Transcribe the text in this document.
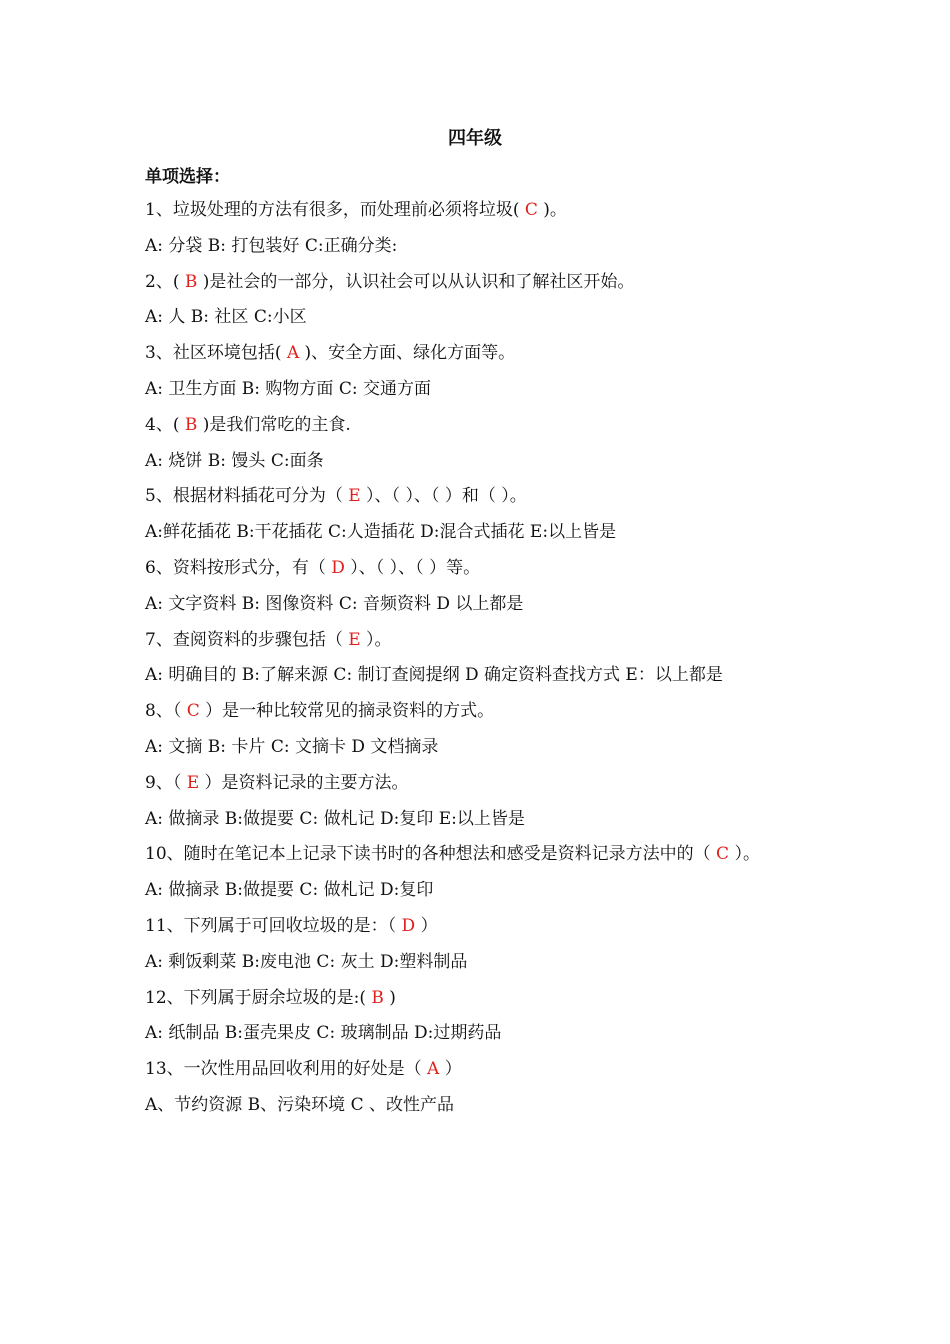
四年级
单项选择：
1、垃圾处理的方法有很多，而处理前必须将垃圾( C )。
A: 分袋 B: 打包装好 C:正确分类:
2、( B )是社会的一部分，认识社会可以从认识和了解社区开始。
A: 人 B: 社区 C:小区
3、社区环境包括( A )、安全方面、绿化方面等。
A: 卫生方面 B: 购物方面 C: 交通方面
4、( B )是我们常吃的主食.
A: 烧饼 B: 馒头 C:面条
5、根据材料插花可分为（ E ）、（ ）、（ ）和（ ）。
A:鲜花插花 B:干花插花 C:人造插花 D:混合式插花 E:以上皆是
6、资料按形式分，有（ D ）、（ ）、（ ）等。
A: 文字资料 B: 图像资料 C: 音频资料 D 以上都是
7、查阅资料的步骤包括（ E ）。
A: 明确目的 B:了解来源 C: 制订查阅提纲 D 确定资料查找方式 E：以上都是
8、（ C ）是一种比较常见的摘录资料的方式。
A: 文摘 B: 卡片 C: 文摘卡 D 文档摘录
9、（ E ）是资料记录的主要方法。
A: 做摘录 B:做提要 C: 做札记 D:复印 E:以上皆是
10、随时在笔记本上记录下读书时的各种想法和感受是资料记录方法中的（ C ）。
A: 做摘录 B:做提要 C: 做札记 D:复印
11、下列属于可回收垃圾的是：（ D ）
A: 剩饭剩菜 B:废电池 C: 灰土 D:塑料制品
12、下列属于厨余垃圾的是:( B )
A: 纸制品 B:蛋壳果皮 C: 玻璃制品 D:过期药品
13、一次性用品回收利用的好处是（ A ）
A、节约资源 B、污染环境 C 、改性产品
